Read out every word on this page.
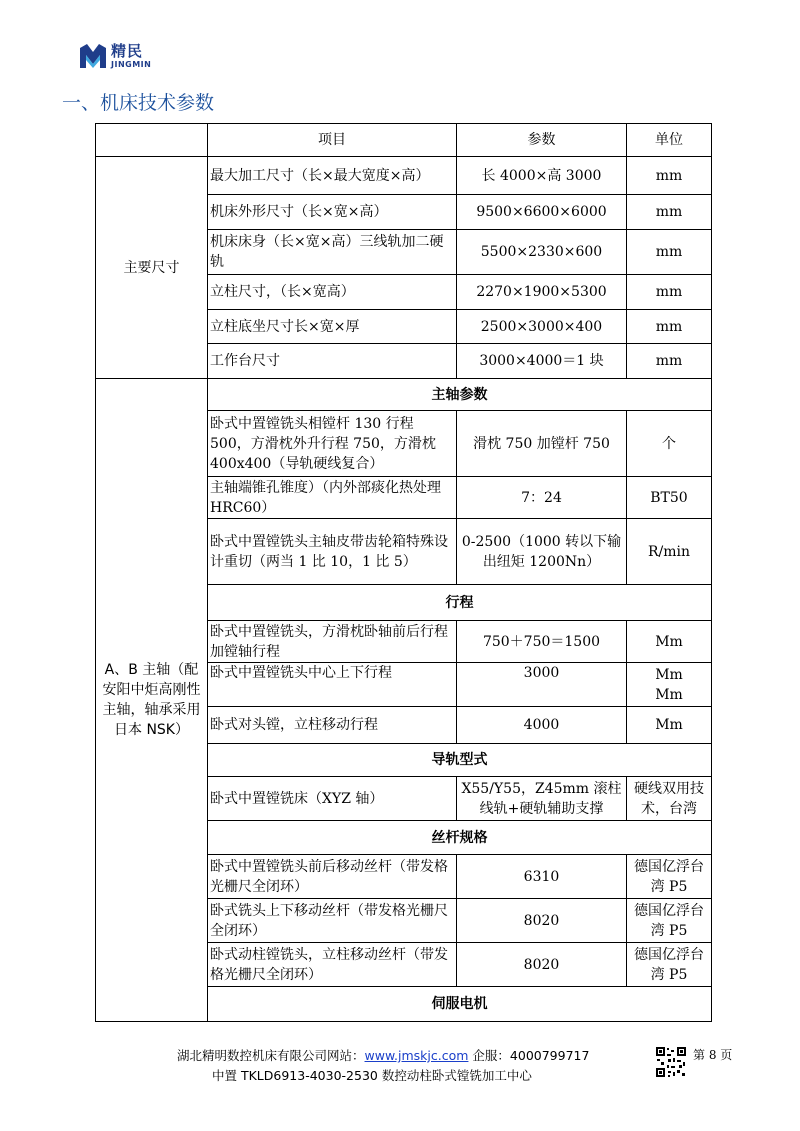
精民
JINGMIN
一、机床技术参数
	项目	参数	单位
主要尺寸	最大加工尺寸（长×最大宽度×高）	长 4000×高 3000	mm
	机床外形尺寸（长×宽×高）	9500×6600×6000	mm
	机床床身（长×宽×高）三线轨加二硬轨	5500×2330×600	mm
	立柱尺寸，（长×宽高）	2270×1900×5300	mm
	立柱底坐尺寸长×宽×厚	2500×3000×400	mm
	工作台尺寸	3000×4000＝1 块	mm
A、B 主轴（配安阳中炬高刚性主轴，轴承采用日本 NSK）	主轴参数		
	卧式中置镗铣头相镗杆 130 行程 500，方滑枕外升行程 750，方滑枕 400x400（导轨硬线复合）	滑枕 750 加镗杆 750	个
	主轴端锥孔锥度）（内外部痰化热处理 HRC60）	7：24	BT50
	卧式中置镗铣头主轴皮带齿轮箱特殊设计重切（两当 1 比 10，1 比 5）	0-2500（1000 转以下输出纽矩 1200Nn）	R/min
	行程		
	卧式中置镗铣头，方滑枕卧轴前后行程加镗轴行程	750＋750＝1500	Mm
	卧式中置镗铣头中心上下行程	3000	Mm Mm
	卧式对头镗，立柱移动行程	4000	Mm
	导轨型式		
	卧式中置镗铣床（XYZ 轴）	X55/Y55，Z45mm 滚柱线轨+硬轨辅助支撑	硬线双用技术，台湾
	丝杆规格		
	卧式中置镗铣头前后移动丝杆（带发格光栅尺全闭环）	6310	德国亿浮台湾 P5
	卧式铣头上下移动丝杆（带发格光栅尺全闭环）	8020	德国亿浮台湾 P5
	卧式动柱镗铣头，立柱移动丝杆（带发格光栅尺全闭环）	8020	德国亿浮台湾 P5
	伺服电机		
湖北精明数控机床有限公司网站：www.jmskjc.com 企服：4000799717
中置 TKLD6913-4030-2530 数控动柱卧式镗铣加工中心
第 8 页
